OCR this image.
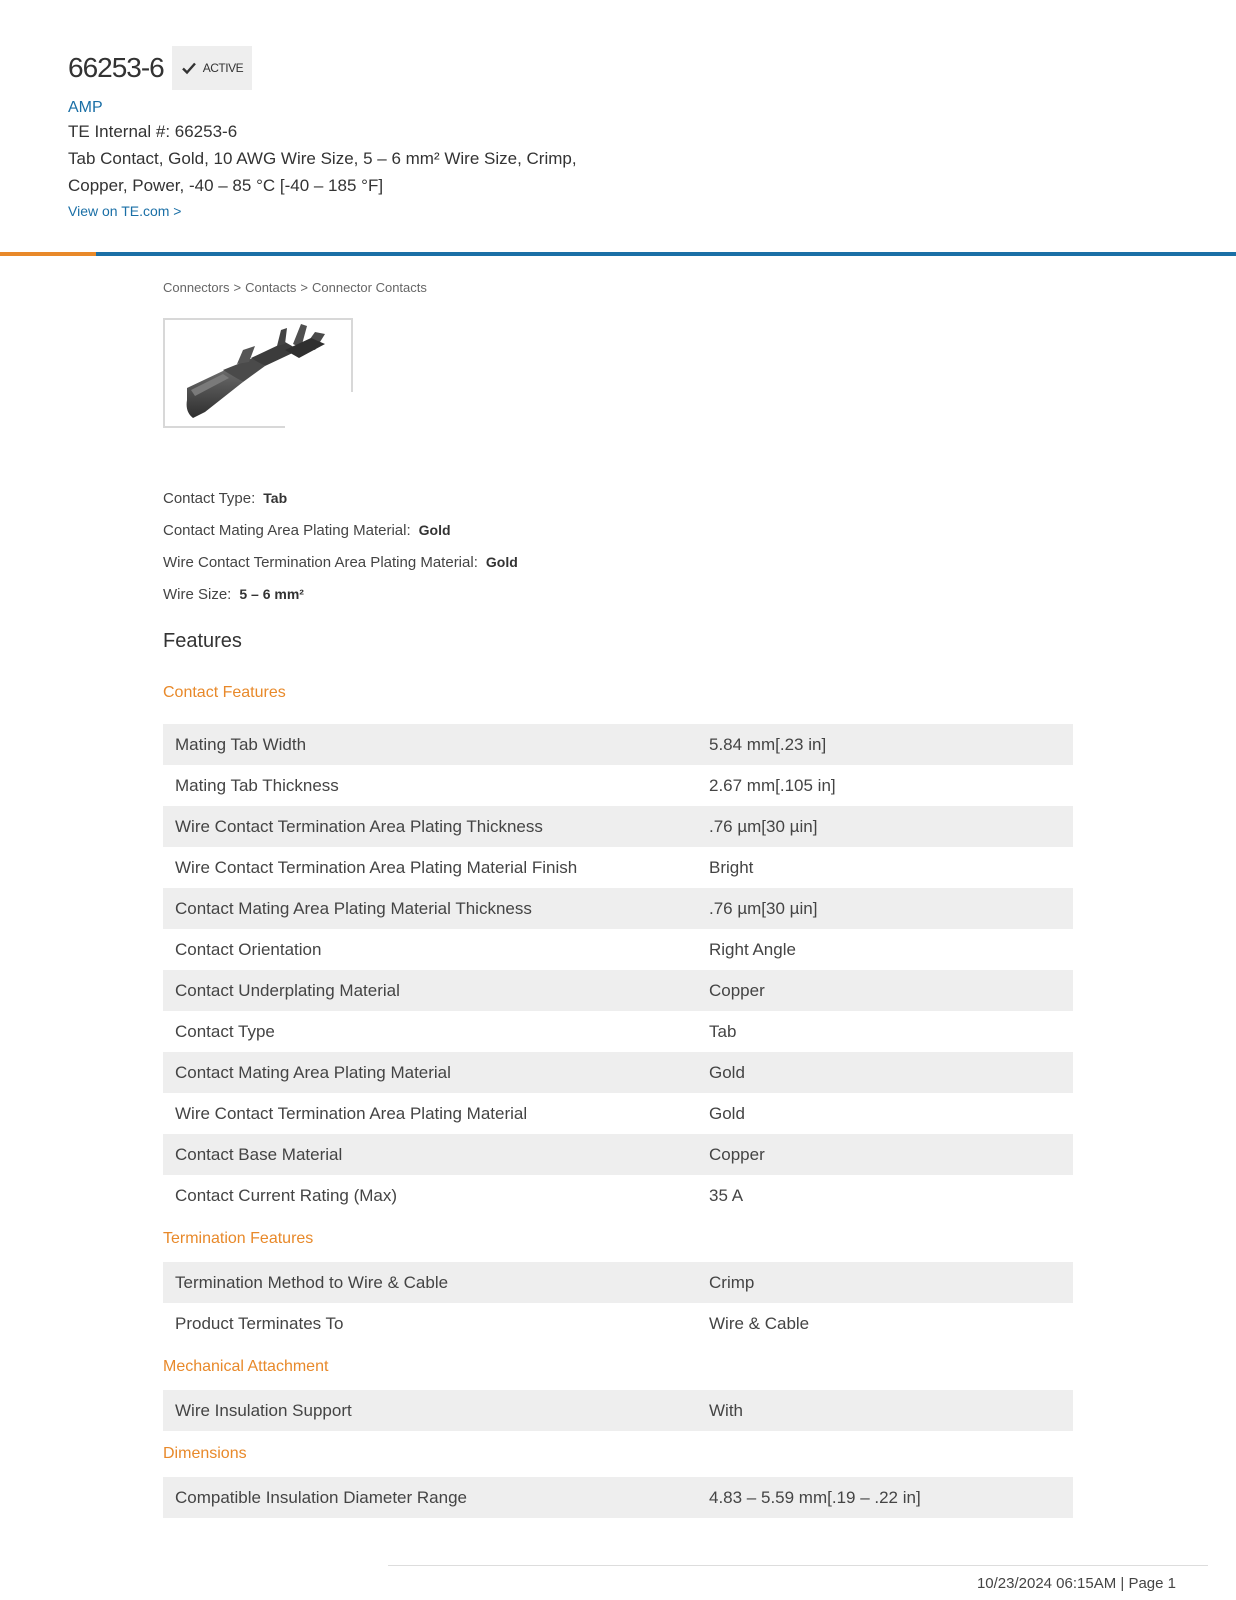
66253-6	ACTIVE
AMP
TE Internal #: 66253-6
Tab Contact, Gold, 10 AWG Wire Size, 5 – 6 mm² Wire Size, Crimp, Copper, Power, -40 – 85 °C [-40 – 185 °F]
View on TE.com >
Connectors > Contacts > Connector Contacts
Contact Type: Tab
Contact Mating Area Plating Material: Gold
Wire Contact Termination Area Plating Material: Gold
Wire Size: 5 – 6 mm²
Features
Contact Features
Mating Tab Width	5.84 mm[.23 in]
Mating Tab Thickness	2.67 mm[.105 in]
Wire Contact Termination Area Plating Thickness	.76 µm[30 µin]
Wire Contact Termination Area Plating Material Finish	Bright
Contact Mating Area Plating Material Thickness	.76 µm[30 µin]
Contact Orientation	Right Angle
Contact Underplating Material	Copper
Contact Type	Tab
Contact Mating Area Plating Material	Gold
Wire Contact Termination Area Plating Material	Gold
Contact Base Material	Copper
Contact Current Rating (Max)	35 A
Termination Features
Termination Method to Wire & Cable	Crimp
Product Terminates To	Wire & Cable
Mechanical Attachment
Wire Insulation Support	With
Dimensions
Compatible Insulation Diameter Range	4.83 – 5.59 mm[.19 – .22 in]
10/23/2024 06:15AM | Page 1
